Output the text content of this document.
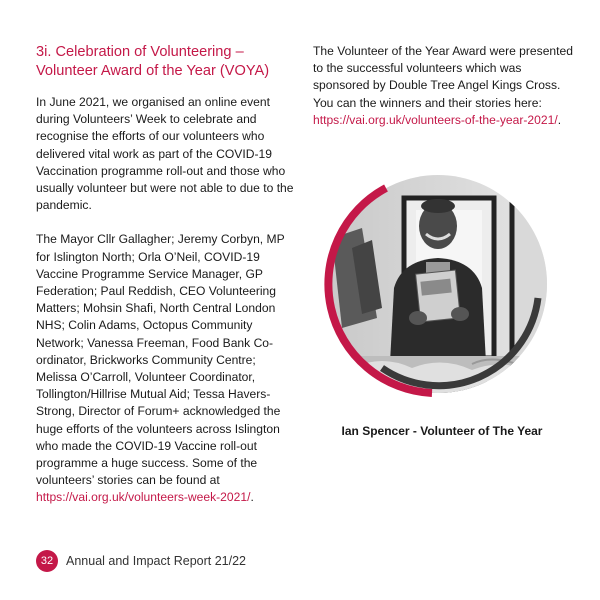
3i. Celebration of Volunteering – Volunteer Award of the Year (VOYA)

In June 2021, we organised an online event during Volunteers’ Week to celebrate and recognise the efforts of our volunteers who delivered vital work as part of the COVID-19 Vaccination programme roll-out and those who usually volunteer but were not able to due to the pandemic.

The Mayor Cllr Gallagher; Jeremy Corbyn, MP for Islington North; Orla O’Neil, COVID-19 Vaccine Programme Service Manager, GP Federation; Paul Reddish, CEO Volunteering Matters; Mohsin Shafi, North Central London NHS; Colin Adams, Octopus Community Network; Vanessa Freeman, Food Bank Co-ordinator, Brickworks Community Centre; Melissa O’Carroll, Volunteer Coordinator, Tollington/Hillrise Mutual Aid; Tessa Havers-Strong, Director of Forum+ acknowledged the huge efforts of the volunteers across Islington who made the COVID-19 Vaccine roll-out programme a huge success. Some of the volunteers’ stories can be found at https://vai.org.uk/volunteers-week-2021/.

The Volunteer of the Year Award were presented to the successful volunteers which was sponsored by Double Tree Angel Kings Cross. You can the winners and their stories here: https://vai.org.uk/volunteers-of-the-year-2021/.

Ian Spencer - Volunteer of The Year
32	Annual and Impact Report 21/22
